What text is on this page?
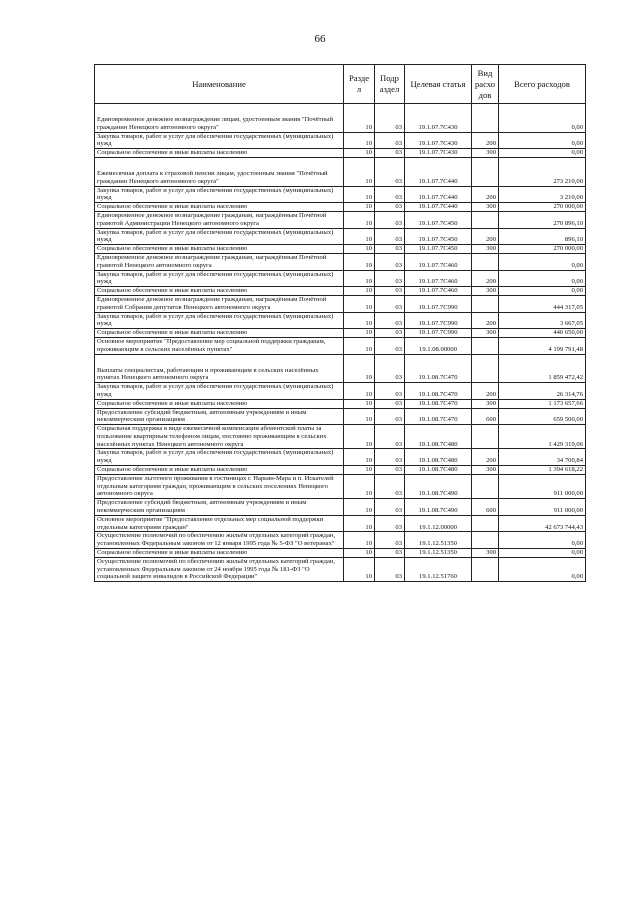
66
Наименование	Разде л	Подр аздел	Целевая статья	Вид расхо дов	Всего расходов
Единовременное денежное вознаграждение лицам, удостоенным звания "Почётный гражданин Ненецкого автономного округа"	10	03	19.1.07.7С430		0,00
Закупка товаров, работ и услуг для обеспечения государственных (муниципальных) нужд	10	03	19.1.07.7С430	200	0,00
Социальное обеспечение и иные выплаты населению	10	03	19.1.07.7С430	300	0,00
Ежемесячная доплата к страховой пенсии лицам, удостоенным звания "Почётный гражданин Ненецкого автономного округа"	10	03	19.1.07.7С440		273 210,00
Закупка товаров, работ и услуг для обеспечения государственных (муниципальных) нужд	10	03	19.1.07.7С440	200	3 210,00
Социальное обеспечение и иные выплаты населению	10	03	19.1.07.7С440	300	270 000,00
Единовременное денежное вознаграждение гражданам, награждённым Почётной грамотой Администрации Ненецкого автономного округа	10	03	19.1.07.7С450		270 896,10
Закупка товаров, работ и услуг для обеспечения государственных (муниципальных) нужд	10	03	19.1.07.7С450	200	896,10
Социальное обеспечение и иные выплаты населению	10	03	19.1.07.7С450	300	270 000,00
Единовременное денежное вознаграждение гражданам, награждённым Почётной грамотой Ненецкого автономного округа	10	03	19.1.07.7С460		0,00
Закупка товаров, работ и услуг для обеспечения государственных (муниципальных) нужд	10	03	19.1.07.7С460	200	0,00
Социальное обеспечение и иные выплаты населению	10	03	19.1.07.7С460	300	0,00
Единовременное денежное вознаграждение гражданам, награждённым Почётной грамотой Собрания депутатов Ненецкого автономного округа	10	03	19.1.07.7С990		444 317,05
Закупка товаров, работ и услуг для обеспечения государственных (муниципальных) нужд	10	03	19.1.07.7С990	200	3 667,05
Социальное обеспечение и иные выплаты населению	10	03	19.1.07.7С990	300	440 650,00
Основное мероприятие "Предоставление мер социальной поддержки гражданам, проживающим в сельских населённых пунктах"	10	03	19.1.08.00000		4 199 791,48
Выплаты специалистам, работающим и проживающим в сельских населённых пунктах Ненецкого автономного округа	10	03	19.1.08.7С470		1 859 472,42
Закупка товаров, работ и услуг для обеспечения государственных (муниципальных) нужд	10	03	19.1.08.7С470	200	26 314,76
Социальное обеспечение и иные выплаты населению	10	03	19.1.08.7С470	300	1 173 657,66
Предоставление субсидий бюджетным, автономным учреждениям и иным некоммерческим организациям	10	03	19.1.08.7С470	600	659 500,00
Социальная поддержка в виде ежемесячной компенсации абонентской платы за пользование квартирным телефоном лицам, постоянно проживающим в сельских населённых пунктах Ненецкого автономного округа	10	03	19.1.08.7С480		1 429 319,06
Закупка товаров, работ и услуг для обеспечения государственных (муниципальных) нужд	10	03	19.1.08.7С480	200	34 700,84
Социальное обеспечение и иные выплаты населению	10	03	19.1.08.7С480	300	1 394 618,22
Предоставление льготного проживания в гостиницах г. Нарьян-Мара и п. Искателей отдельным категориям граждан, проживающим в сельских поселениях Ненецкого автономного округа	10	03	19.1.08.7С490		911 000,00
Предоставление субсидий бюджетным, автономным учреждениям и иным некоммерческим организациям	10	03	19.1.08.7С490	600	911 000,00
Основное мероприятие "Предоставление отдельных мер социальной поддержки отдельным категориям граждан"	10	03	19.1.12.00000		42 673 744,43
Осуществление полномочий по обеспечению жильём отдельных категорий граждан, установленных Федеральным законом от 12 января 1995 года № 5-ФЗ "О ветеранах"	10	03	19.1.12.51350		0,00
Социальное обеспечение и иные выплаты населению	10	03	19.1.12.51350	300	0,00
Осуществление полномочий по обеспечению жильём отдельных категорий граждан, установленных Федеральным законом от 24 ноября 1995 года № 181-ФЗ "О социальной защите инвалидов в Российской Федерации"	10	03	19.1.12.51760		0,00
